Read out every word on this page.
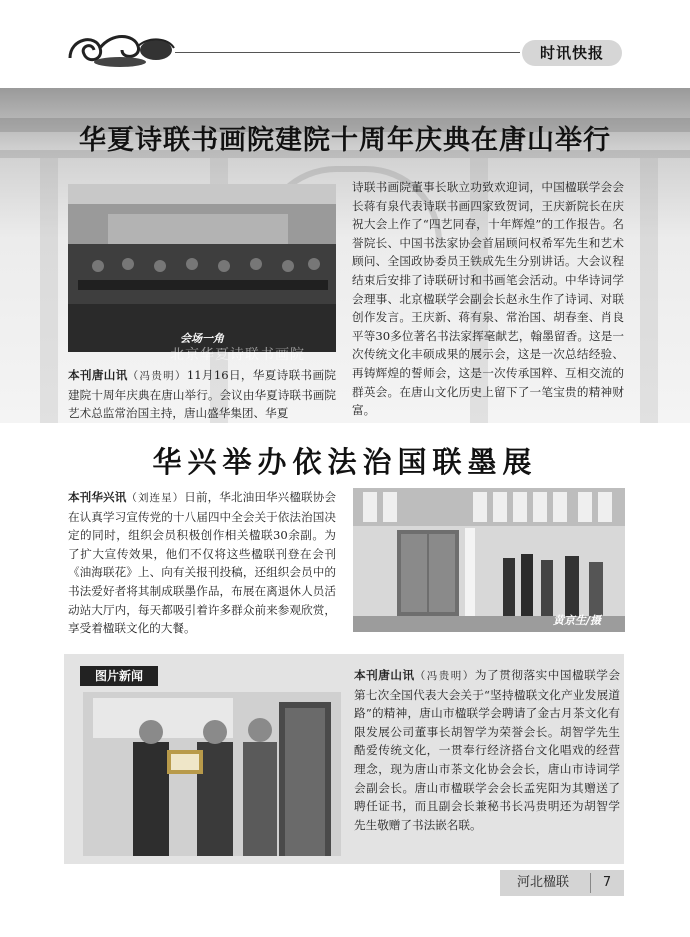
时讯快报
华夏诗联书画院建院十周年庆典在唐山举行
会场一角
本刊唐山讯（冯贵明）11月16日，华夏诗联书画院建院十周年庆典在唐山举行。会议由华夏诗联书画院艺术总监常治国主持，唐山盛华集团、华夏
诗联书画院董事长耿立功致欢迎词，中国楹联学会会长蒋有泉代表诗联书画四家致贺词，王庆新院长在庆祝大会上作了“四艺同春，十年辉煌”的工作报告。名誉院长、中国书法家协会首届顾问权希军先生和艺术顾问、全国政协委员王铁成先生分别讲话。大会议程结束后安排了诗联研讨和书画笔会活动。中华诗词学会理事、北京楹联学会副会长赵永生作了诗词、对联创作发言。王庆新、蒋有泉、常治国、胡春奎、肖良平等30多位著名书法家挥毫献艺，翰墨留香。这是一次传统文化丰硕成果的展示会，这是一次总结经验、再铸辉煌的誓师会，这是一次传承国粹、互相交流的群英会。在唐山文化历史上留下了一笔宝贵的精神财富。
北京华夏诗联书画院
华兴举办依法治国联墨展
本刊华兴讯（刘连星）日前，华北油田华兴楹联协会在认真学习宣传党的十八届四中全会关于依法治国决定的同时，组织会员积极创作相关楹联30余副。为了扩大宣传效果，他们不仅将这些楹联刊登在会刊《油海联花》上、向有关报刊投稿，还组织会员中的书法爱好者将其制成联墨作品，布展在离退休人员活动站大厅内，每天都吸引着许多群众前来参观欣赏，享受着楹联文化的大餐。
黄京生/摄
图片新闻	本刊唐山讯（冯贵明）为了贯彻落实中国楹联学会第七次全国代表大会关于“坚持楹联文化产业发展道路”的精神，唐山市楹联学会聘请了金古月茶文化有限发展公司董事长胡智学为荣誉会长。胡智学先生酷爱传统文化，一贯奉行经济搭台文化唱戏的经营理念，现为唐山市茶文化协会会长，唐山市诗词学会副会长。唐山市楹联学会会长孟宪阳为其赠送了聘任证书，而且副会长兼秘书长冯贵明还为胡智学先生敬赠了书法嵌名联。
河北楹联	7
